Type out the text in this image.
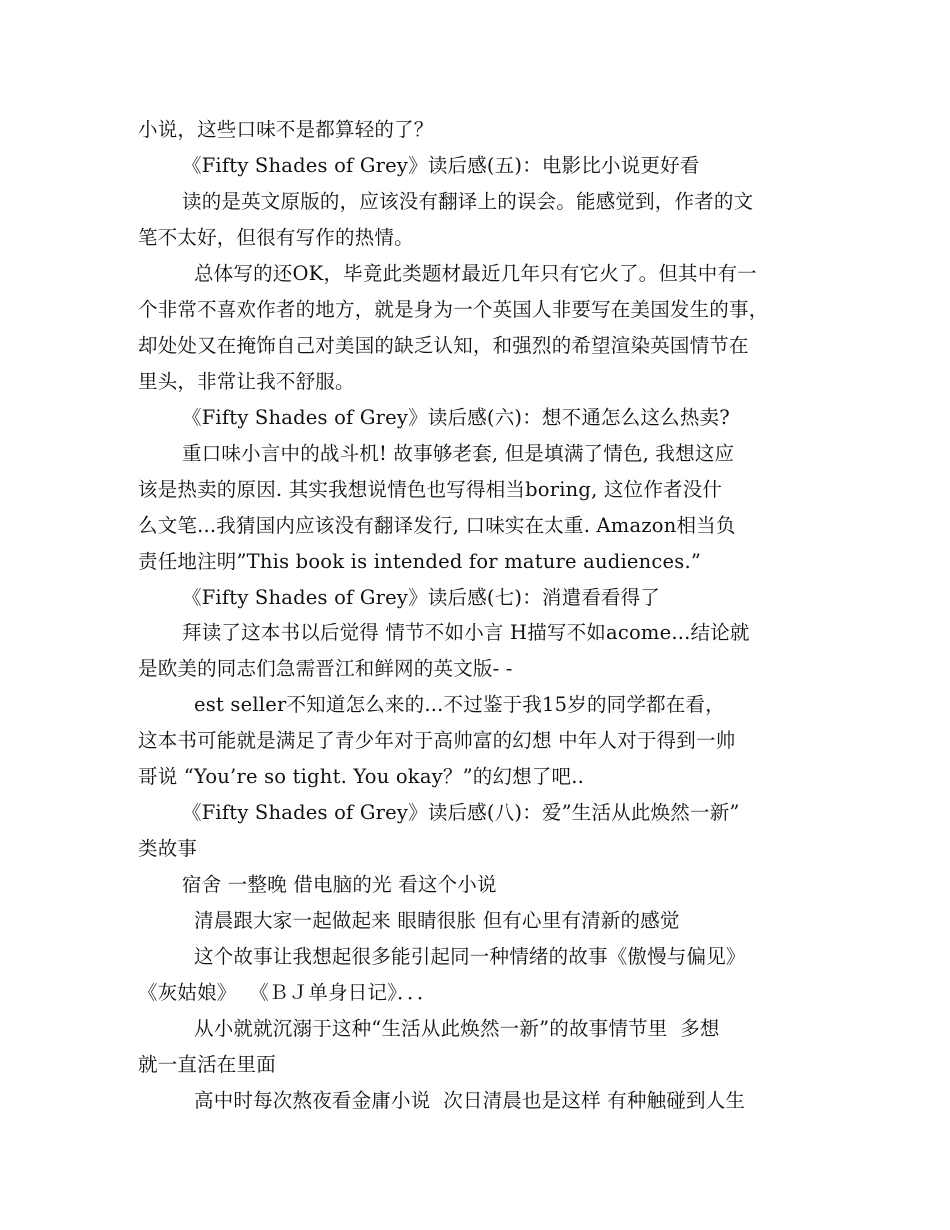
小说，这些口味不是都算轻的了？
《Fifty Shades of Grey》读后感(五)：电影比小说更好看
读的是英文原版的，应该没有翻译上的误会。能感觉到，作者的文
笔不太好，但很有写作的热情。
总体写的还OK，毕竟此类题材最近几年只有它火了。但其中有一
个非常不喜欢作者的地方，就是身为一个英国人非要写在美国发生的事，
却处处又在掩饰自己对美国的缺乏认知，和强烈的希望渲染英国情节在
里头，非常让我不舒服。
《Fifty Shades of Grey》读后感(六)：想不通怎么这么热卖?
重口味小言中的战斗机! 故事够老套, 但是填满了情色, 我想这应
该是热卖的原因. 其实我想说情色也写得相当boring, 这位作者没什
么文笔...我猜国内应该没有翻译发行, 口味实在太重. Amazon相当负
责任地注明”This book is intended for mature audiences.”
《Fifty Shades of Grey》读后感(七)：消遣看看得了
拜读了这本书以后觉得 情节不如小言 H描写不如acome...结论就
是欧美的同志们急需晋江和鲜网的英文版- -
est seller不知道怎么来的...不过鉴于我15岁的同学都在看，
这本书可能就是满足了青少年对于高帅富的幻想 中年人对于得到一帅
哥说 “You’re so tight. You okay？”的幻想了吧..
《Fifty Shades of Grey》读后感(八)：爱”生活从此焕然一新”
类故事
宿舍 一整晚 借电脑的光 看这个小说
清晨跟大家一起做起来 眼睛很胀 但有心里有清新的感觉
这个故事让我想起很多能引起同一种情绪的故事《傲慢与偏见》
《灰姑娘》  《ＢＪ单身日记》．．．
从小就就沉溺于这种“生活从此焕然一新”的故事情节里  多想
就一直活在里面
高中时每次熬夜看金庸小说  次日清晨也是这样 有种触碰到人生
